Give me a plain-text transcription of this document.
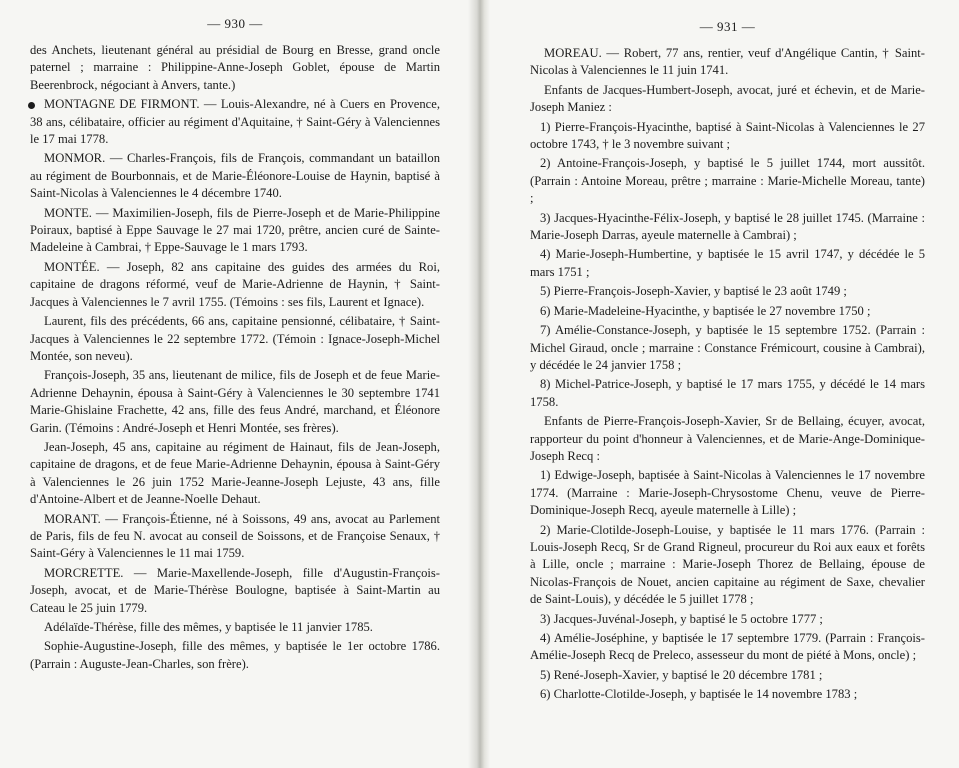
— 930 —

des Anchets, lieutenant général au présidial de Bourg en Bresse, grand oncle paternel ; marraine : Philippine-Anne-Joseph Goblet, épouse de Martin Beerenbrock, négociant à Anvers, tante.)

MONTAGNE DE FIRMONT. — Louis-Alexandre, né à Cuers en Provence, 38 ans, célibataire, officier au régiment d'Aquitaine, † Saint-Géry à Valenciennes le 17 mai 1778.

MONMOR. — Charles-François, fils de François, commandant un bataillon au régiment de Bourbonnais, et de Marie-Éléonore-Louise de Haynin, baptisé à Saint-Nicolas à Valenciennes le 4 décembre 1740.

MONTE. — Maximilien-Joseph, fils de Pierre-Joseph et de Marie-Philippine Poiraux, baptisé à Eppe Sauvage le 27 mai 1720, prêtre, ancien curé de Sainte-Madeleine à Cambrai, † Eppe-Sauvage le 1 mars 1793.

MONTÉE. — Joseph, 82 ans capitaine des guides des armées du Roi, capitaine de dragons réformé, veuf de Marie-Adrienne de Haynin, † Saint-Jacques à Valenciennes le 7 avril 1755. (Témoins : ses fils, Laurent et Ignace).

Laurent, fils des précédents, 66 ans, capitaine pensionné, célibataire, † Saint-Jacques à Valenciennes le 22 septembre 1772. (Témoin : Ignace-Joseph-Michel Montée, son neveu).

François-Joseph, 35 ans, lieutenant de milice, fils de Joseph et de feue Marie-Adrienne Dehaynin, épousa à Saint-Géry à Valenciennes le 30 septembre 1741 Marie-Ghislaine Frachette, 42 ans, fille des feus André, marchand, et Éléonore Garin. (Témoins : André-Joseph et Henri Montée, ses frères).

Jean-Joseph, 45 ans, capitaine au régiment de Hainaut, fils de Jean-Joseph, capitaine de dragons, et de feue Marie-Adrienne Dehaynin, épousa à Saint-Géry à Valenciennes le 26 juin 1752 Marie-Jeanne-Joseph Lejuste, 43 ans, fille d'Antoine-Albert et de Jeanne-Noelle Dehaut.

MORANT. — François-Étienne, né à Soissons, 49 ans, avocat au Parlement de Paris, fils de feu N. avocat au conseil de Soissons, et de Françoise Senaux, † Saint-Géry à Valenciennes le 11 mai 1759.

MORCRETTE. — Marie-Maxellende-Joseph, fille d'Augustin-François-Joseph, avocat, et de Marie-Thérèse Boulogne, baptisée à Saint-Martin au Cateau le 25 juin 1779.

Adélaïde-Thérèse, fille des mêmes, y baptisée le 11 janvier 1785.

Sophie-Augustine-Joseph, fille des mêmes, y baptisée le 1er octobre 1786. (Parrain : Auguste-Jean-Charles, son frère).

— 931 —

MOREAU. — Robert, 77 ans, rentier, veuf d'Angélique Cantin, † Saint-Nicolas à Valenciennes le 11 juin 1741.

Enfants de Jacques-Humbert-Joseph, avocat, juré et échevin, et de Marie-Joseph Maniez :

1) Pierre-François-Hyacinthe, baptisé à Saint-Nicolas à Valenciennes le 27 octobre 1743, † le 3 novembre suivant ;

2) Antoine-François-Joseph, y baptisé le 5 juillet 1744, mort aussitôt. (Parrain : Antoine Moreau, prêtre ; marraine : Marie-Michelle Moreau, tante) ;

3) Jacques-Hyacinthe-Félix-Joseph, y baptisé le 28 juillet 1745. (Marraine : Marie-Joseph Darras, ayeule maternelle à Cambrai) ;

4) Marie-Joseph-Humbertine, y baptisée le 15 avril 1747, y décédée le 5 mars 1751 ;

5) Pierre-François-Joseph-Xavier, y baptisé le 23 août 1749 ;

6) Marie-Madeleine-Hyacinthe, y baptisée le 27 novembre 1750 ;

7) Amélie-Constance-Joseph, y baptisée le 15 septembre 1752. (Parrain : Michel Giraud, oncle ; marraine : Constance Frémicourt, cousine à Cambrai), y décédée le 24 janvier 1758 ;

8) Michel-Patrice-Joseph, y baptisé le 17 mars 1755, y décédé le 14 mars 1758.

Enfants de Pierre-François-Joseph-Xavier, Sr de Bellaing, écuyer, avocat, rapporteur du point d'honneur à Valenciennes, et de Marie-Ange-Dominique-Joseph Recq :

1) Edwige-Joseph, baptisée à Saint-Nicolas à Valenciennes le 17 novembre 1774. (Marraine : Marie-Joseph-Chrysostome Chenu, veuve de Pierre-Dominique-Joseph Recq, ayeule maternelle à Lille) ;

2) Marie-Clotilde-Joseph-Louise, y baptisée le 11 mars 1776. (Parrain : Louis-Joseph Recq, Sr de Grand Rigneul, procureur du Roi aux eaux et forêts à Lille, oncle ; marraine : Marie-Joseph Thorez de Bellaing, épouse de Nicolas-François de Nouet, ancien capitaine au régiment de Saxe, chevalier de Saint-Louis), y décédée le 5 juillet 1778 ;

3) Jacques-Juvénal-Joseph, y baptisé le 5 octobre 1777 ;

4) Amélie-Joséphine, y baptisée le 17 septembre 1779. (Parrain : François-Amélie-Joseph Recq de Preleco, assesseur du mont de piété à Mons, oncle) ;

5) René-Joseph-Xavier, y baptisé le 20 décembre 1781 ;

6) Charlotte-Clotilde-Joseph, y baptisée le 14 novembre 1783 ;
